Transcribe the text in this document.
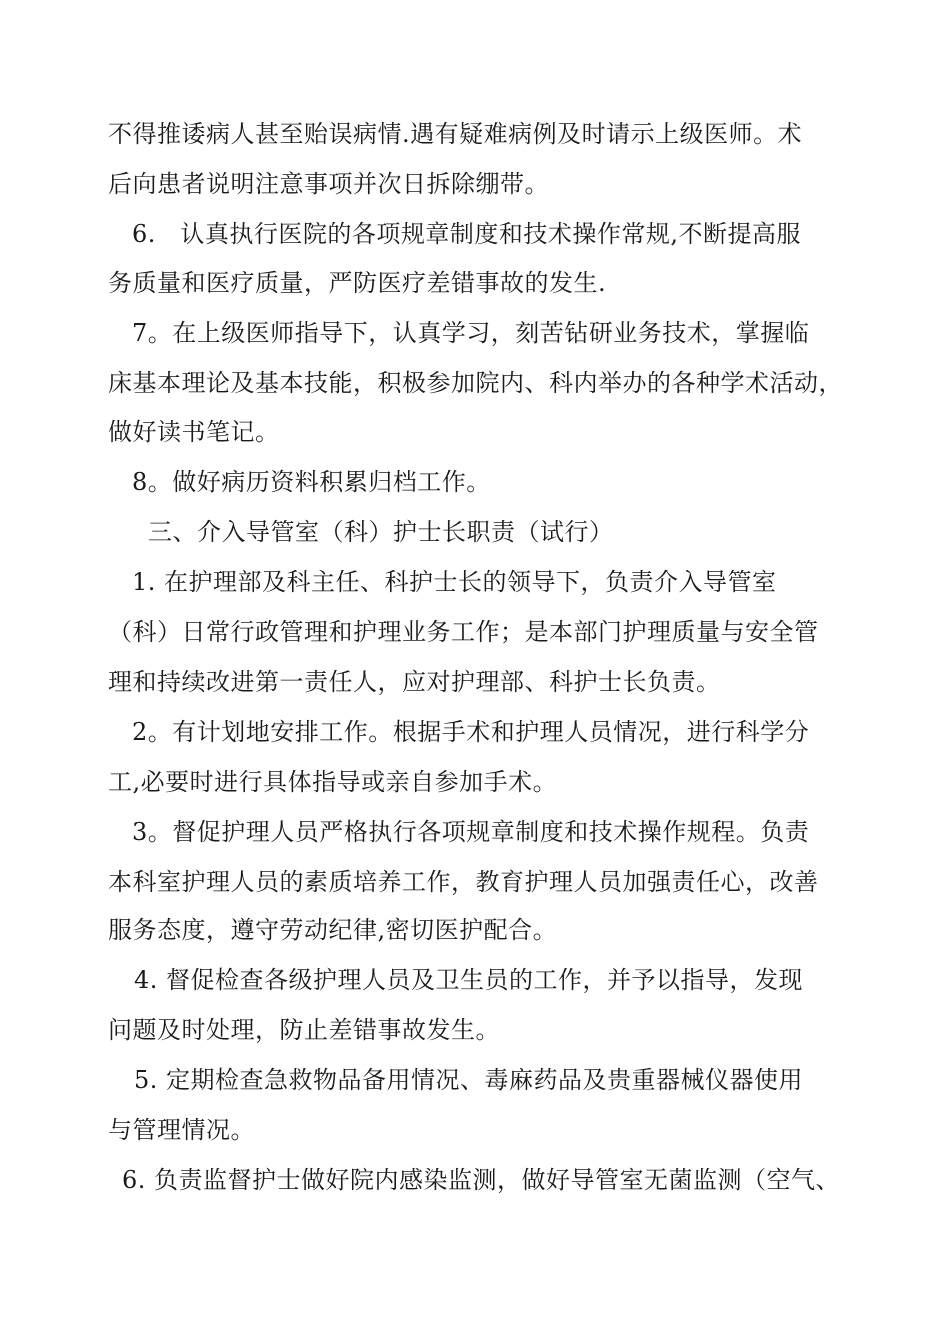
不得推诿病人甚至贻误病情.遇有疑难病例及时请示上级医师。术
后向患者说明注意事项并次日拆除绷带。
6.　认真执行医院的各项规章制度和技术操作常规,不断提高服
务质量和医疗质量，严防医疗差错事故的发生.
7。在上级医师指导下，认真学习，刻苦钻研业务技术，掌握临
床基本理论及基本技能，积极参加院内、科内举办的各种学术活动，
做好读书笔记。
8。做好病历资料积累归档工作。
三、介入导管室（科）护士长职责（试行）
1. 在护理部及科主任、科护士长的领导下，负责介入导管室
（科）日常行政管理和护理业务工作；是本部门护理质量与安全管
理和持续改进第一责任人，应对护理部、科护士长负责。
2。有计划地安排工作。根据手术和护理人员情况，进行科学分
工,必要时进行具体指导或亲自参加手术。
3。督促护理人员严格执行各项规章制度和技术操作规程。负责
本科室护理人员的素质培养工作，教育护理人员加强责任心，改善
服务态度，遵守劳动纪律,密切医护配合。
4. 督促检查各级护理人员及卫生员的工作，并予以指导，发现
问题及时处理，防止差错事故发生。
5. 定期检查急救物品备用情况、毒麻药品及贵重器械仪器使用
与管理情况。
6. 负责监督护士做好院内感染监测，做好导管室无菌监测（空气、
